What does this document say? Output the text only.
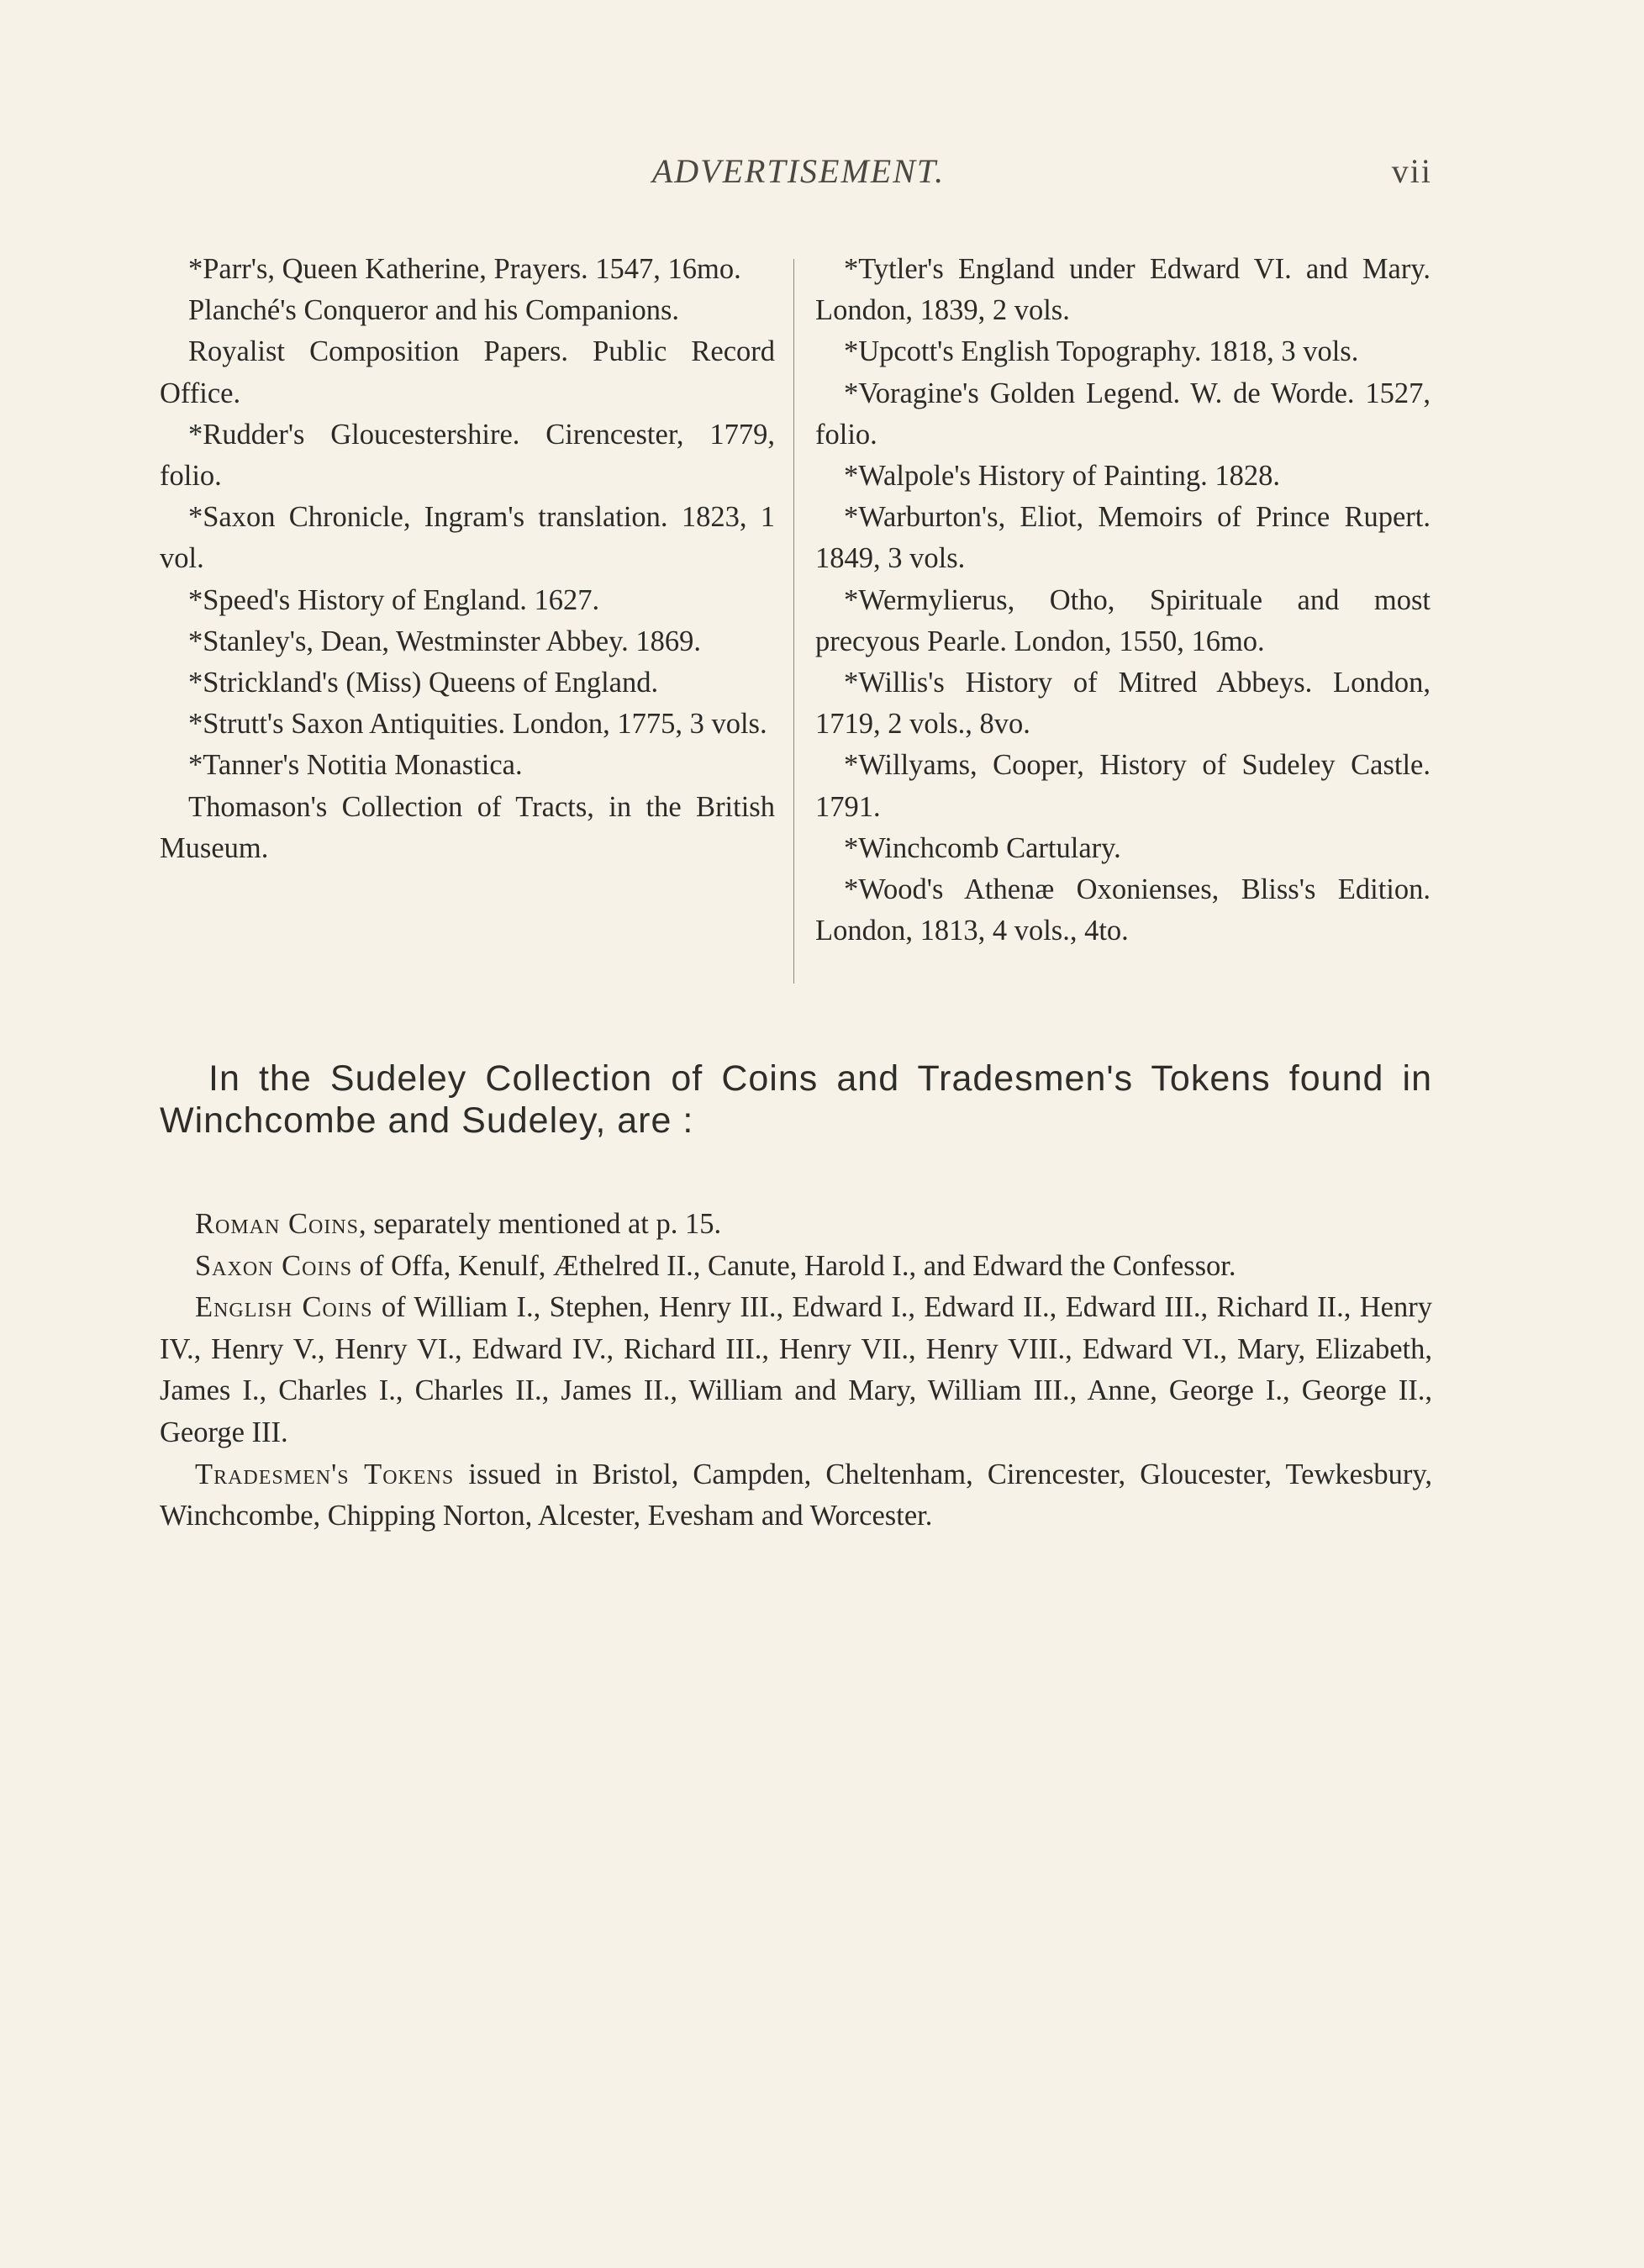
ADVERTISEMENT.	vii

*Parr's, Queen Katherine, Prayers. 1547, 16mo.

Planché's Conqueror and his Companions.

Royalist Composition Papers. Public Record Office.

*Rudder's Gloucestershire. Cirencester, 1779, folio.

*Saxon Chronicle, Ingram's translation. 1823, 1 vol.

*Speed's History of England. 1627.

*Stanley's, Dean, Westminster Abbey. 1869.

*Strickland's (Miss) Queens of England.

*Strutt's Saxon Antiquities. London, 1775, 3 vols.

*Tanner's Notitia Monastica.

Thomason's Collection of Tracts, in the British Museum.

*Tytler's England under Edward VI. and Mary. London, 1839, 2 vols.

*Upcott's English Topography. 1818, 3 vols.

*Voragine's Golden Legend. W. de Worde. 1527, folio.

*Walpole's History of Painting. 1828.

*Warburton's, Eliot, Memoirs of Prince Rupert. 1849, 3 vols.

*Wermylierus, Otho, Spirituale and most precyous Pearle. London, 1550, 16mo.

*Willis's History of Mitred Abbeys. London, 1719, 2 vols., 8vo.

*Willyams, Cooper, History of Sudeley Castle. 1791.

*Winchcomb Cartulary.

*Wood's Athenæ Oxonienses, Bliss's Edition. London, 1813, 4 vols., 4to.

In the Sudeley Collection of Coins and Tradesmen's Tokens found in Winchcombe and Sudeley, are :

Roman Coins, separately mentioned at p. 15.

Saxon Coins of Offa, Kenulf, Æthelred II., Canute, Harold I., and Edward the Confessor.

English Coins of William I., Stephen, Henry III., Edward I., Edward II., Edward III., Richard II., Henry IV., Henry V., Henry VI., Edward IV., Richard III., Henry VII., Henry VIII., Edward VI., Mary, Elizabeth, James I., Charles I., Charles II., James II., William and Mary, William III., Anne, George I., George II., George III.

Tradesmen's Tokens issued in Bristol, Campden, Cheltenham, Cirencester, Gloucester, Tewkesbury, Winchcombe, Chipping Norton, Alcester, Evesham and Worcester.
